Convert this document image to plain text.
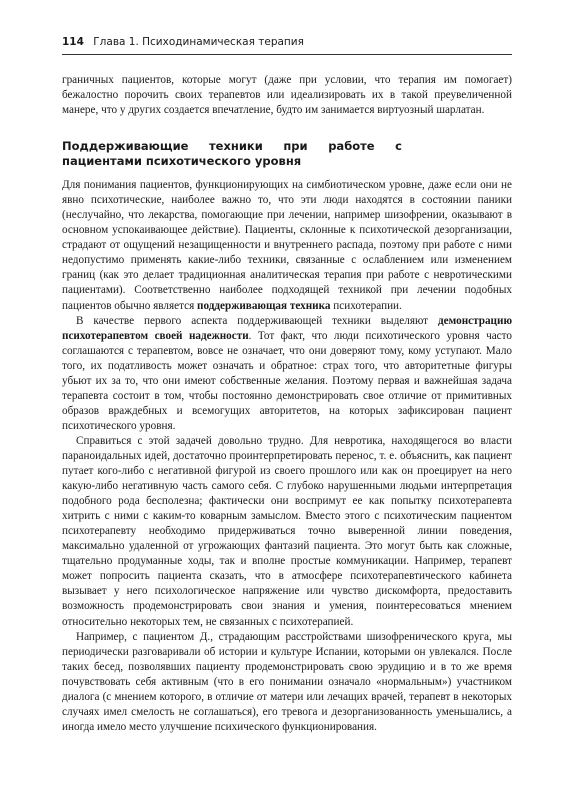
114 Глава 1. Психодинамическая терапия

граничных пациентов, которые могут (даже при условии, что терапия им помогает) бежалостно порочить своих терапевтов или идеализировать их в такой преувеличенной манере, что у других создается впечатление, будто им занимается виртуозный шарлатан.

Поддерживающие техники при работе с пациентами психотического уровня

Для понимания пациентов, функционирующих на симбиотическом уровне, даже если они не явно психотические, наиболее важно то, что эти люди находятся в состоянии паники (неслучайно, что лекарства, помогающие при лечении, например шизофрении, оказывают в основном успокаивающее действие). Пациенты, склонные к психотической дезорганизации, страдают от ощущений незащищенности и внутреннего распада, поэтому при работе с ними недопустимо применять какие-либо техники, связанные с ослаблением или изменением границ (как это делает традиционная аналитическая терапия при работе с невротическими пациентами). Соответственно наиболее подходящей техникой при лечении подобных пациентов обычно является поддерживающая техника психотерапии.

В качестве первого аспекта поддерживающей техники выделяют демонстрацию психотерапевтом своей надежности. Тот факт, что люди психотического уровня часто соглашаются с терапевтом, вовсе не означает, что они доверяют тому, кому уступают. Мало того, их податливость может означать и обратное: страх того, что авторитетные фигуры убьют их за то, что они имеют собственные желания. Поэтому первая и важнейшая задача терапевта состоит в том, чтобы постоянно демонстрировать свое отличие от примитивных образов враждебных и всемогущих авторитетов, на которых зафиксирован пациент психотического уровня.

Справиться с этой задачей довольно трудно. Для невротика, находящегося во власти параноидальных идей, достаточно проинтерпретировать перенос, т. е. объяснить, как пациент путает кого-либо с негативной фигурой из своего прошлого или как он проецирует на него какую-либо негативную часть самого себя. С глубоко нарушенными людьми интерпретация подобного рода бесполезна; фактически они воспримут ее как попытку психотерапевта хитрить с ними с каким-то коварным замыслом. Вместо этого с психотическим пациентом психотерапевту необходимо придерживаться точно выверенной линии поведения, максимально удаленной от угрожающих фантазий пациента. Это могут быть как сложные, тщательно продуманные ходы, так и вполне простые коммуникации. Например, терапевт может попросить пациента сказать, что в атмосфере психотерапевтического кабинета вызывает у него психологическое напряжение или чувство дискомфорта, предоставить возможность продемонстрировать свои знания и умения, поинтересоваться мнением относительно некоторых тем, не связанных с психотерапией.

Например, с пациентом Д., страдающим расстройствами шизофренического круга, мы периодически разговаривали об истории и культуре Испании, которыми он увлекался. После таких бесед, позволявших пациенту продемонстрировать свою эрудицию и в то же время почувствовать себя активным (что в его понимании означало «нормальным») участником диалога (с мнением которого, в отличие от матери или лечащих врачей, терапевт в некоторых случаях имел смелость не соглашаться), его тревога и дезорганизованность уменьшались, а иногда имело место улучшение психического функционирования.
